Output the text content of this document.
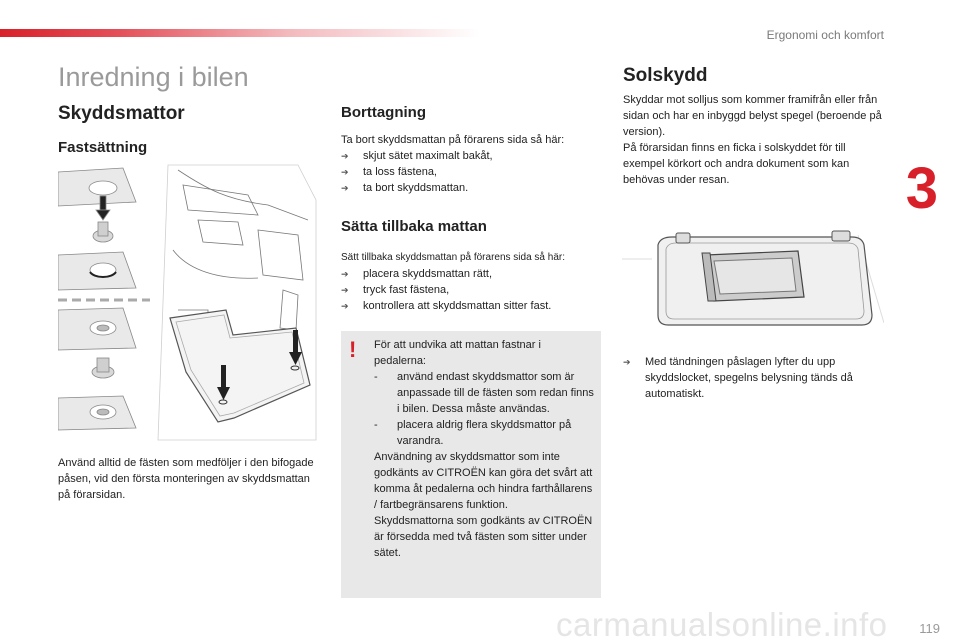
Ergonomi och komfort
3
Inredning i bilen
Skyddsmattor
Fastsättning

Använd alltid de fästen som medföljer i den bifogade påsen, vid den första monteringen av skyddsmattan på förarsidan.

Borttagning

Ta bort skyddsmattan på förarens sida så här:

➔ skjut sätet maximalt bakåt,
➔ ta loss fästena,
➔ ta bort skyddsmattan.
Sätta tillbaka mattan

Sätt tillbaka skyddsmattan på förarens sida så här:

➔ placera skyddsmattan rätt,
➔ tryck fast fästena,
➔ kontrollera att skyddsmattan sitter fast.
! För att undvika att mattan fastnar i pedalerna:
- använd endast skyddsmattor som är anpassade till de fästen som redan finns i bilen. Dessa måste användas.
- placera aldrig flera skyddsmattor på varandra.
Användning av skyddsmattor som inte godkänts av CITROËN kan göra det svårt att komma åt pedalerna och hindra farthållarens / fartbegränsarens funktion.
Skyddsmattorna som godkänts av CITROËN är försedda med två fästen som sitter under sätet.
Solskydd

Skyddar mot solljus som kommer framifrån eller från sidan och har en inbyggd belyst spegel (beroende på version).

På förarsidan finns en ficka i solskyddet för till exempel körkort och andra dokument som kan behövas under resan.

➔ Med tändningen påslagen lyfter du upp skyddslocket, spegelns belysning tänds då automatiskt.
carmanualsonline.info 119
